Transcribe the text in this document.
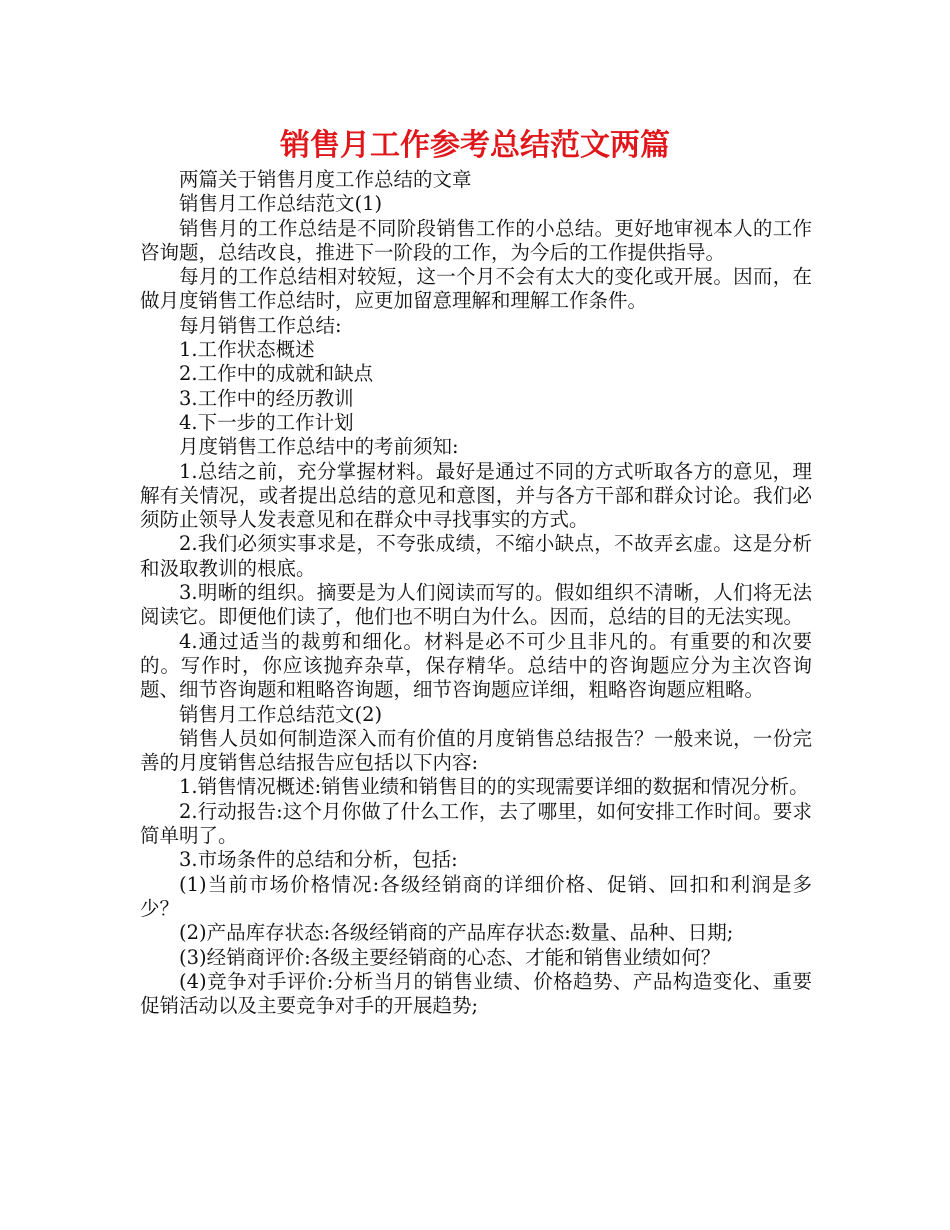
销售月工作参考总结范文两篇

两篇关于销售月度工作总结的文章

销售月工作总结范文(1)

销售月的工作总结是不同阶段销售工作的小总结。更好地审视本人的工作咨询题，总结改良，推进下一阶段的工作，为今后的工作提供指导。

每月的工作总结相对较短，这一个月不会有太大的变化或开展。因而，在做月度销售工作总结时，应更加留意理解和理解工作条件。

每月销售工作总结:

1.工作状态概述

2.工作中的成就和缺点

3.工作中的经历教训

4.下一步的工作计划

月度销售工作总结中的考前须知:

1.总结之前，充分掌握材料。最好是通过不同的方式听取各方的意见，理解有关情况，或者提出总结的意见和意图，并与各方干部和群众讨论。我们必须防止领导人发表意见和在群众中寻找事实的方式。

2.我们必须实事求是，不夸张成绩，不缩小缺点，不故弄玄虚。这是分析和汲取教训的根底。

3.明晰的组织。摘要是为人们阅读而写的。假如组织不清晰，人们将无法阅读它。即便他们读了，他们也不明白为什么。因而，总结的目的无法实现。

4.通过适当的裁剪和细化。材料是必不可少且非凡的。有重要的和次要的。写作时，你应该抛弃杂草，保存精华。总结中的咨询题应分为主次咨询题、细节咨询题和粗略咨询题，细节咨询题应详细，粗略咨询题应粗略。

销售月工作总结范文(2)

销售人员如何制造深入而有价值的月度销售总结报告？一般来说，一份完善的月度销售总结报告应包括以下内容:

1.销售情况概述:销售业绩和销售目的的实现需要详细的数据和情况分析。

2.行动报告:这个月你做了什么工作，去了哪里，如何安排工作时间。要求简单明了。

3.市场条件的总结和分析，包括:

(1)当前市场价格情况:各级经销商的详细价格、促销、回扣和利润是多少？

(2)产品库存状态:各级经销商的产品库存状态:数量、品种、日期;

(3)经销商评价:各级主要经销商的心态、才能和销售业绩如何？

(4)竞争对手评价:分析当月的销售业绩、价格趋势、产品构造变化、重要促销活动以及主要竞争对手的开展趋势;
